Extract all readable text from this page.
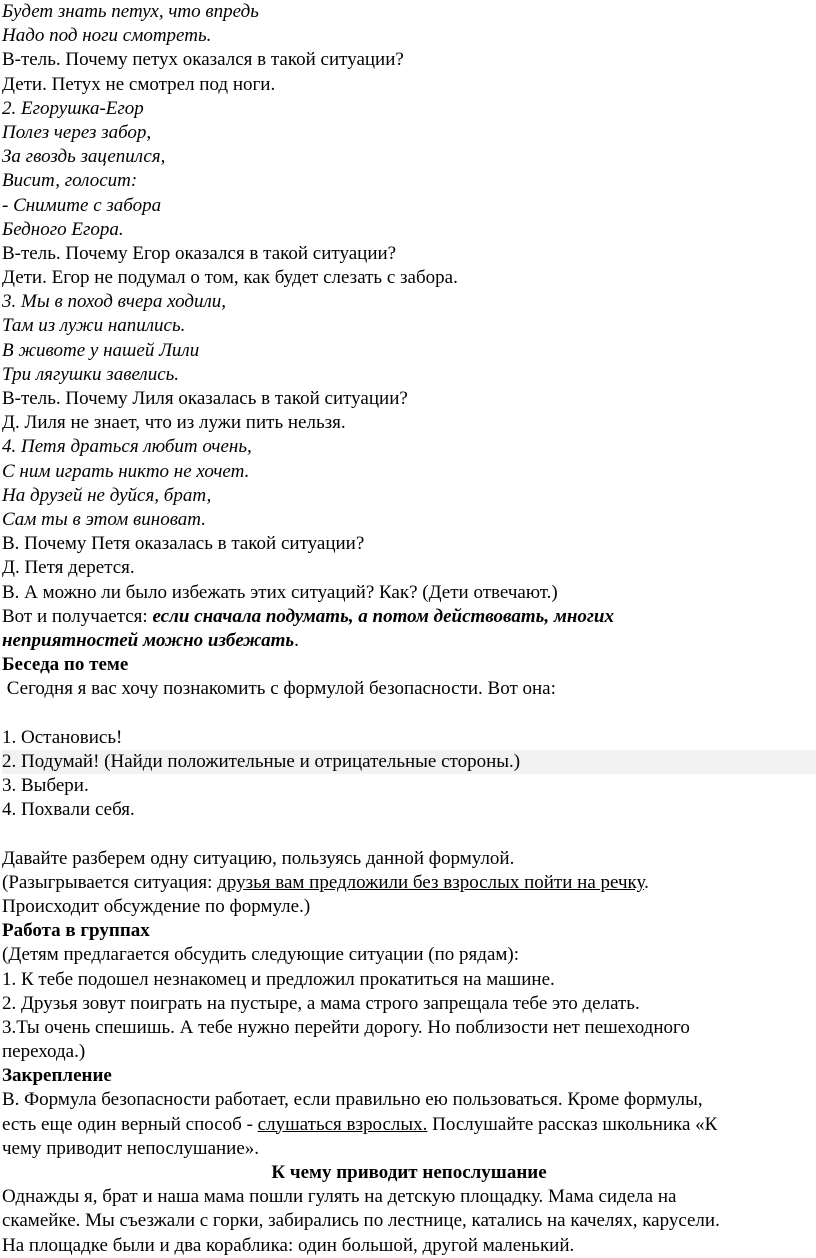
Будет знать петух, что впредь
Надо под ноги смотреть.
В-тель. Почему петух оказался в такой ситуации?
Дети. Петух не смотрел под ноги.
2. Егорушка-Егор
Полез через забор,
За гвоздь зацепился,
Висит, голосит:
- Снимите с забора
Бедного Егора.
В-тель. Почему Егор оказался в такой ситуации?
Дети. Егор не подумал о том, как будет слезать с забора.
3. Мы в поход вчера ходили,
Там из лужи напились.
В животе у нашей Лили
Три лягушки завелись.
В-тель. Почему Лиля оказалась в такой ситуации?
Д. Лиля не знает, что из лужи пить нельзя.
4. Петя драться любит очень,
С ним играть никто не хочет.
На друзей не дуйся, брат,
Сам ты в этом виноват.
В. Почему Петя оказалась в такой ситуации?
Д. Петя дерется.
В. А можно ли было избежать этих ситуаций? Как? (Дети отвечают.)
Вот и получается: если сначала подумать, а потом действовать, многих
неприятностей можно избежать.
Беседа по теме
Сегодня я вас хочу познакомить с формулой безопасности. Вот она:
1. Остановись!
2. Подумай! (Найди положительные и отрицательные стороны.)
3. Выбери.
4. Похвали себя.
Давайте разберем одну ситуацию, пользуясь данной формулой.
(Разыгрывается ситуация: друзья вам предложили без взрослых пойти на речку.
Происходит обсуждение по формуле.)
Работа в группах
(Детям предлагается обсудить следующие ситуации (по рядам):
1. К тебе подошел незнакомец и предложил прокатиться на машине.
2. Друзья зовут поиграть на пустыре, а мама строго запрещала тебе это делать.
3.Ты очень спешишь. А тебе нужно перейти дорогу. Но поблизости нет пешеходного
перехода.)
Закрепление
В. Формула безопасности работает, если правильно ею пользоваться. Кроме формулы,
есть еще один верный способ - слушаться взрослых. Послушайте рассказ школьника «К
чему приводит непослушание».
К чему приводит непослушание
Однажды я, брат и наша мама пошли гулять на детскую площадку. Мама сидела на
скамейке. Мы съезжали с горки, забирались по лестнице, катались на качелях, карусели.
На площадке были и два кораблика: один большой, другой маленький.
